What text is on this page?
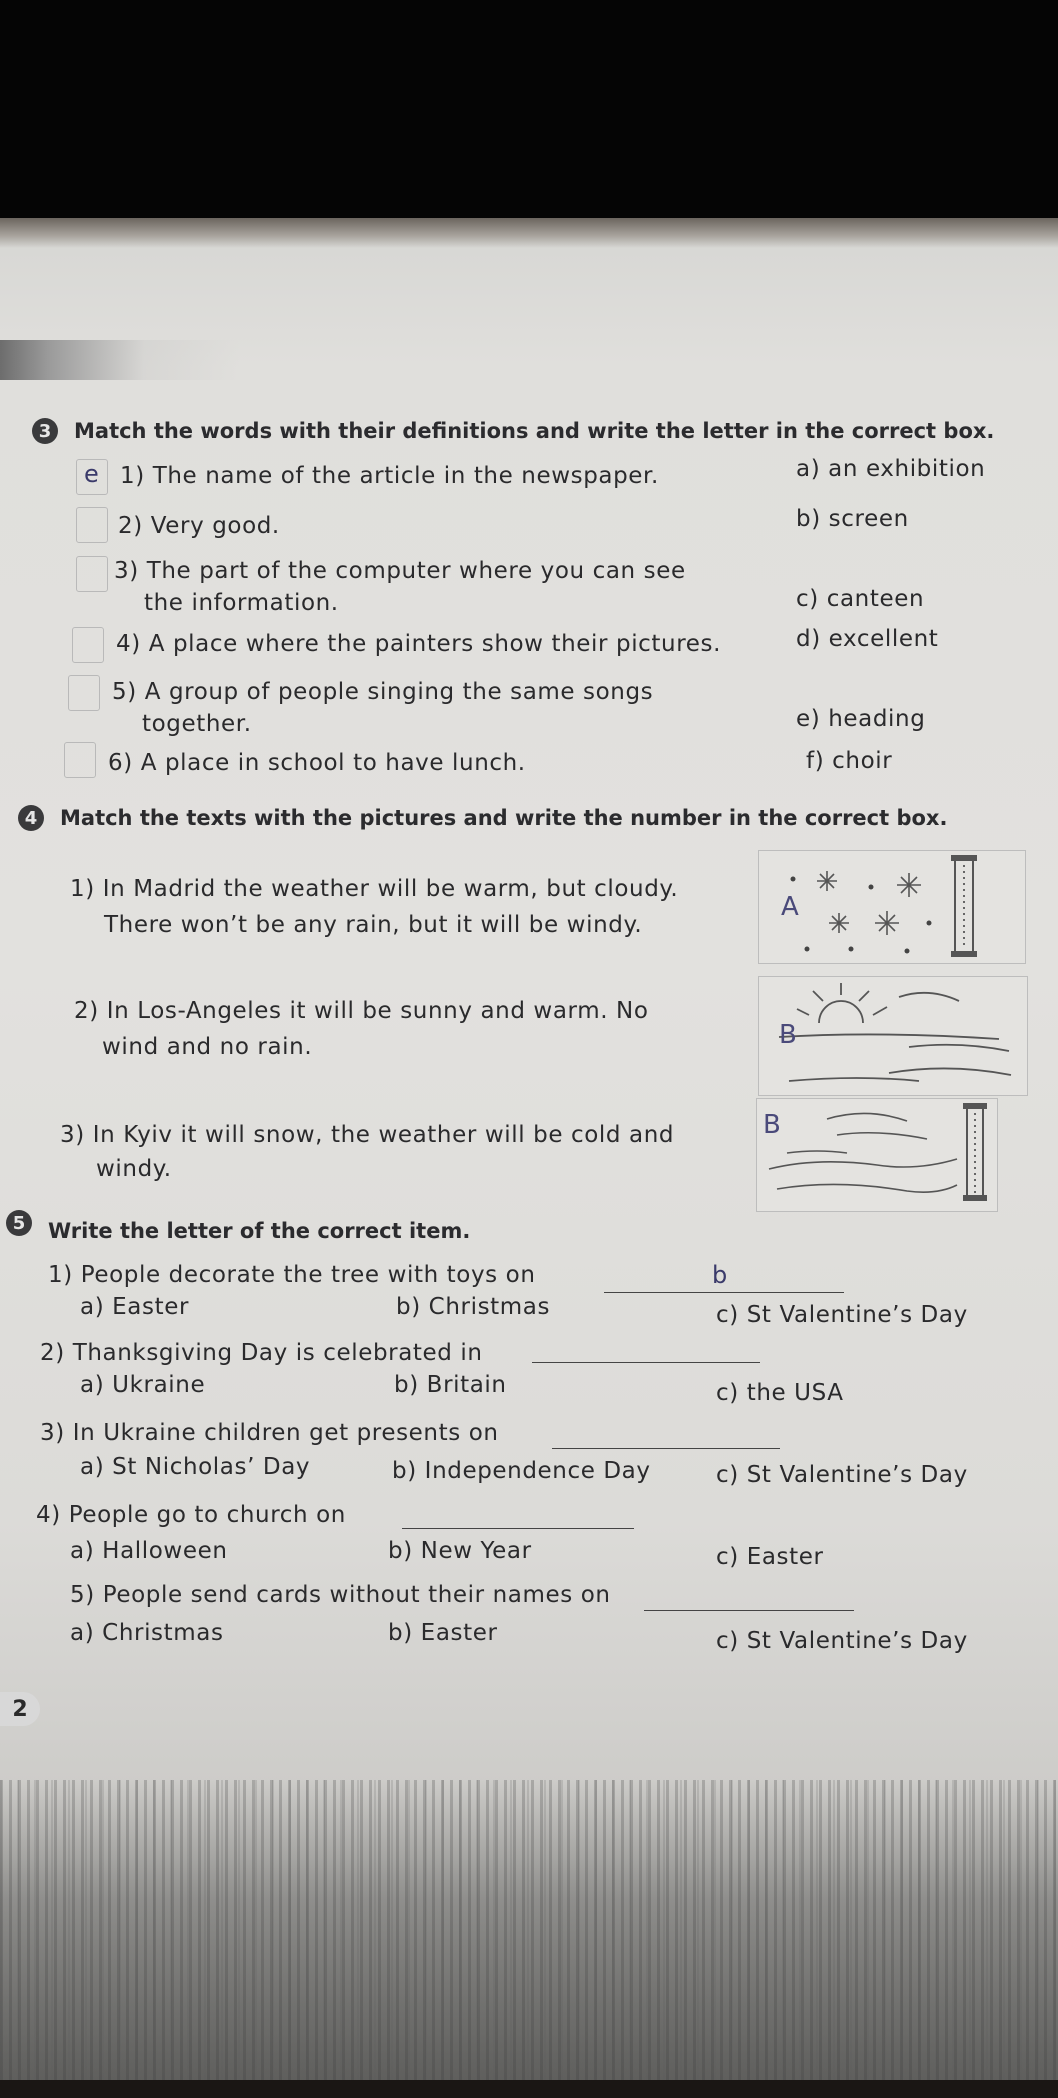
3	Match the words with their definitions and write the letter in the correct box.
e 1) The name of the article in the newspaper.
2) Very good.
3) The part of the computer where you can see
the information.
4) A place where the painters show their pictures.
5) A group of people singing the same songs
together.
6) A place in school to have lunch.
a) an exhibition
b) screen
c) canteen
d) excellent
e) heading
f) choir
4	Match the texts with the pictures and write the number in the correct box.
1) In Madrid the weather will be warm, but cloudy.
There won’t be any rain, but it will be windy.
2) In Los-Angeles it will be sunny and warm. No
wind and no rain.
3) In Kyiv it will snow, the weather will be cold and
windy.
A
B
B
5	Write the letter of the correct item.
1) People decorate the tree with toys on	b
a) Easter	b) Christmas	c) St Valentine’s Day
2) Thanksgiving Day is celebrated in
a) Ukraine	b) Britain	c) the USA
3) In Ukraine children get presents on
a) St Nicholas’ Day	b) Independence Day	c) St Valentine’s Day
4) People go to church on
a) Halloween	b) New Year	c) Easter
5) People send cards without their names on
a) Christmas	b) Easter	c) St Valentine’s Day
2
